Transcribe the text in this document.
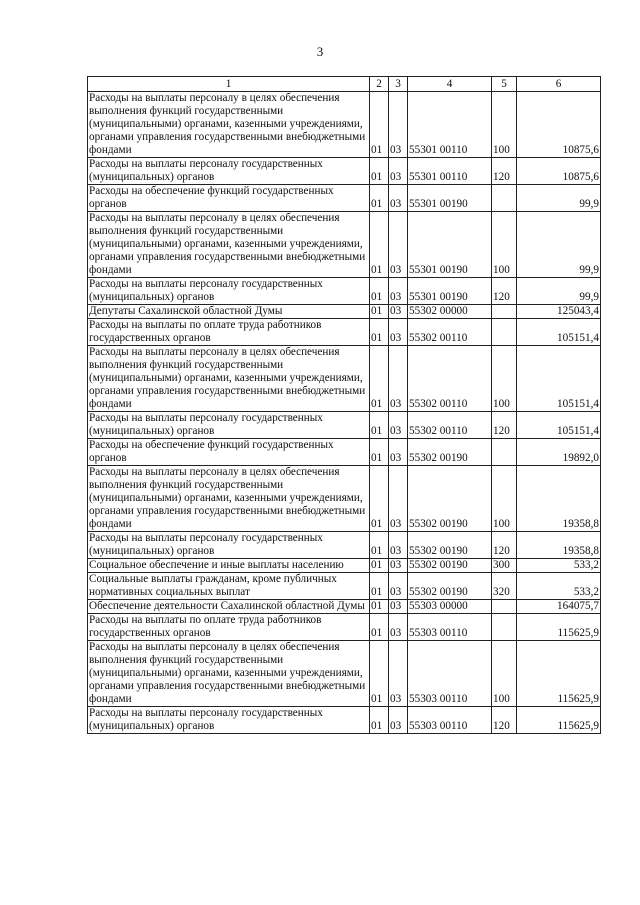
3
1	2	3	4	5	6
Расходы на выплаты персоналу в целях обеспечения выполнения функций государственными (муниципальными) органами, казенными учреждениями, органами управления государственными внебюджетными фондами	01	03	55301 00110	100	10875,6
Расходы на выплаты персоналу государственных (муниципальных) органов	01	03	55301 00110	120	10875,6
Расходы на обеспечение функций государственных органов	01	03	55301 00190		99,9
Расходы на выплаты персоналу в целях обеспечения выполнения функций государственными (муниципальными) органами, казенными учреждениями, органами управления государственными внебюджетными фондами	01	03	55301 00190	100	99,9
Расходы на выплаты персоналу государственных (муниципальных) органов	01	03	55301 00190	120	99,9
Депутаты Сахалинской областной Думы	01	03	55302 00000		125043,4
Расходы на выплаты по оплате труда работников государственных органов	01	03	55302 00110		105151,4
Расходы на выплаты персоналу в целях обеспечения выполнения функций государственными (муниципальными) органами, казенными учреждениями, органами управления государственными внебюджетными фондами	01	03	55302 00110	100	105151,4
Расходы на выплаты персоналу государственных (муниципальных) органов	01	03	55302 00110	120	105151,4
Расходы на обеспечение функций государственных органов	01	03	55302 00190		19892,0
Расходы на выплаты персоналу в целях обеспечения выполнения функций государственными (муниципальными) органами, казенными учреждениями, органами управления государственными внебюджетными фондами	01	03	55302 00190	100	19358,8
Расходы на выплаты персоналу государственных (муниципальных) органов	01	03	55302 00190	120	19358,8
Социальное обеспечение и иные выплаты населению	01	03	55302 00190	300	533,2
Социальные выплаты гражданам, кроме публичных нормативных социальных выплат	01	03	55302 00190	320	533,2
Обеспечение деятельности Сахалинской областной Думы	01	03	55303 00000		164075,7
Расходы на выплаты по оплате труда работников государственных органов	01	03	55303 00110		115625,9
Расходы на выплаты персоналу в целях обеспечения выполнения функций государственными (муниципальными) органами, казенными учреждениями, органами управления государственными внебюджетными фондами	01	03	55303 00110	100	115625,9
Расходы на выплаты персоналу государственных (муниципальных) органов	01	03	55303 00110	120	115625,9
